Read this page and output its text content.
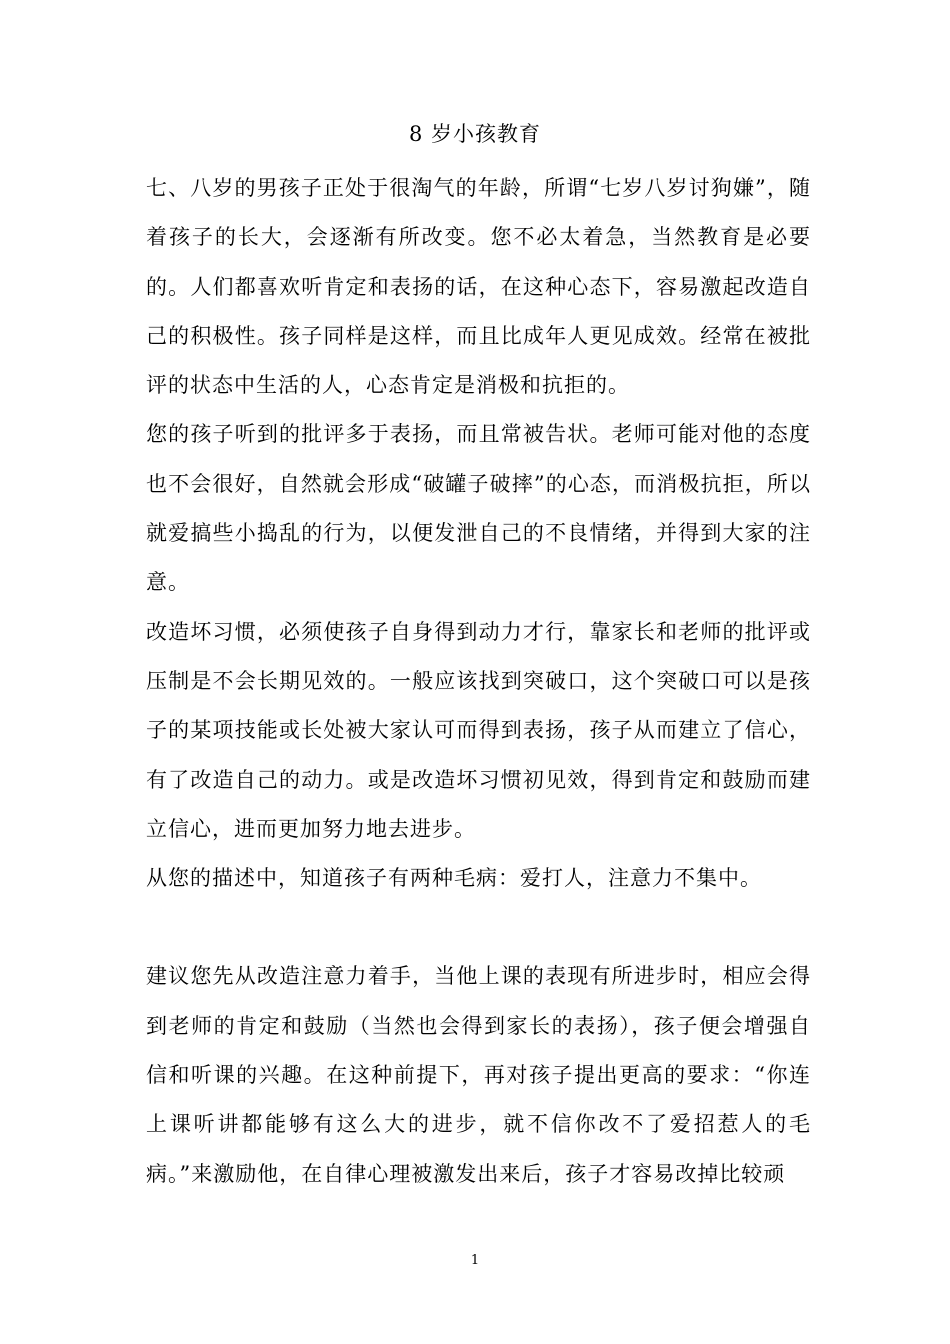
8 岁小孩教育

七、八岁的男孩子正处于很淘气的年龄，所谓“七岁八岁讨狗嫌”，随着孩子的长大，会逐渐有所改变。您不必太着急，当然教育是必要的。人们都喜欢听肯定和表扬的话，在这种心态下，容易激起改造自己的积极性。孩子同样是这样，而且比成年人更见成效。经常在被批评的状态中生活的人，心态肯定是消极和抗拒的。

您的孩子听到的批评多于表扬，而且常被告状。老师可能对他的态度也不会很好，自然就会形成“破罐子破摔”的心态，而消极抗拒，所以就爱搞些小捣乱的行为，以便发泄自己的不良情绪，并得到大家的注意。

改造坏习惯，必须使孩子自身得到动力才行，靠家长和老师的批评或压制是不会长期见效的。一般应该找到突破口，这个突破口可以是孩子的某项技能或长处被大家认可而得到表扬，孩子从而建立了信心，有了改造自己的动力。或是改造坏习惯初见效，得到肯定和鼓励而建立信心，进而更加努力地去进步。

从您的描述中，知道孩子有两种毛病：爱打人，注意力不集中。

建议您先从改造注意力着手，当他上课的表现有所进步时，相应会得到老师的肯定和鼓励（当然也会得到家长的表扬），孩子便会增强自信和听课的兴趣。在这种前提下，再对孩子提出更高的要求：“你连上课听讲都能够有这么大的进步，就不信你改不了爱招惹人的毛病。”来激励他，在自律心理被激发出来后，孩子才容易改掉比较顽

1
